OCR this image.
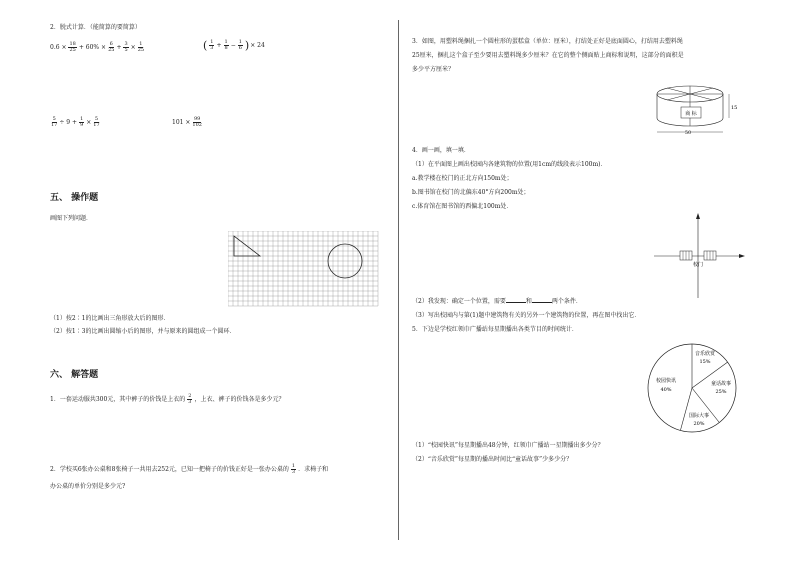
2．脱式计算．（能简算的要简算）
$0.6 \times \frac{18}{25} + 60\% \times \frac{6}{25} + \frac{3}{5} \times \frac{1}{25}$	( $\frac{1}{3} + \frac{1}{8} - \frac{1}{6}$ ) × 24
$\frac{5}{17} \div 9 + \frac{1}{9} \times \frac{5}{17}$	$101 \times \frac{99}{102}$
五、 操作题
画图下列问题．
（1）按2∶1的比画出三角形放大后的图形．
（2）按1∶3的比画出圆缩小后的图形，并与原来的圆组成一个圆环．
六、 解答题
1．一套运动服共300元，其中裤子的价钱是上衣的 $\frac{2}{3}$ ，上衣、裤子的价钱各是多少元？
2．学校买6张办公桌和8张椅子一共用去252元，已知一把椅子的价钱正好是一张办公桌的 $\frac{1}{3}$ ．求椅子和
办公桌的单价分别是多少元?
3．如图，用塑料绳捆扎一个圆柱形的蛋糕盒（单位：厘米），打结处正好是底面圆心，打结用去塑料绳
25厘米，捆扎这个盒子至少要用去塑料绳多少厘米？在它的整个侧面贴上商标和说明，这部分的面积是
多少平方厘米？
商 标
15
50
4．画一画，填一填．
（1）在平面图上画出校园内各建筑物的位置(用1cm的线段表示100m)．
a.教学楼在校门的正北方向150m处；
b.图书馆在校门的北偏东40°方向200m处；
c.体育馆在图书馆的西偏北100m处．
校门
（2）我发现：确定一个位置，需要	和	两个条件．
（3）写出校园内与第(1)题中建筑物有关的另外一个建筑物的位置，再在图中找出它．
5．下边是学校红领巾广播站每星期播出各类节目的时间统计．
音乐欣赏
15%
童话故事
25%
国际大事
20%
校园快讯
40%
（1）“校园快讯”每星期播出48分钟，红领巾广播站一星期播出多少分？
（2）“音乐欣赏”每星期的播出时间比“童话故事”少多少分？
